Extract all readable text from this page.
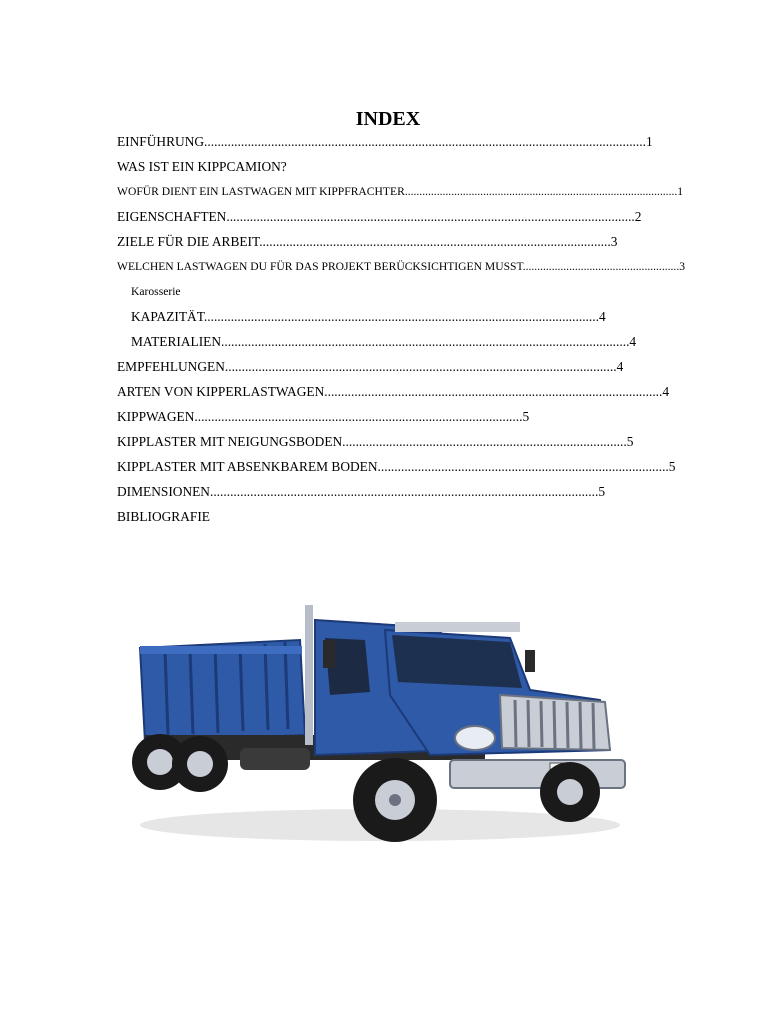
INDEX
EINFÜHRUNG....................................................................................................................................1
WAS IST EIN KIPPCAMION?
WOFÜR DIENT EIN LASTWAGEN MIT KIPPFRACHTER..............................................................................................1
EIGENSCHAFTEN..........................................................................................................................2
ZIELE FÜR DIE ARBEIT.........................................................................................................3
WELCHEN LASTWAGEN DU FÜR DAS PROJEKT BERÜCKSICHTIGEN MUSST......................................................3
Karosserie
KAPAZITÄT......................................................................................................................4
MATERIALIEN..........................................................................................................................4
EMPFEHLUNGEN.....................................................................................................................4
ARTEN VON KIPPERLASTWAGEN.....................................................................................................4
KIPPWAGEN..................................................................................................5
KIPPLASTER MIT NEIGUNGSBODEN.....................................................................................5
KIPPLASTER MIT ABSENKBAREM BODEN.......................................................................................5
DIMENSIONEN....................................................................................................................5
BIBLIOGRAFIE
